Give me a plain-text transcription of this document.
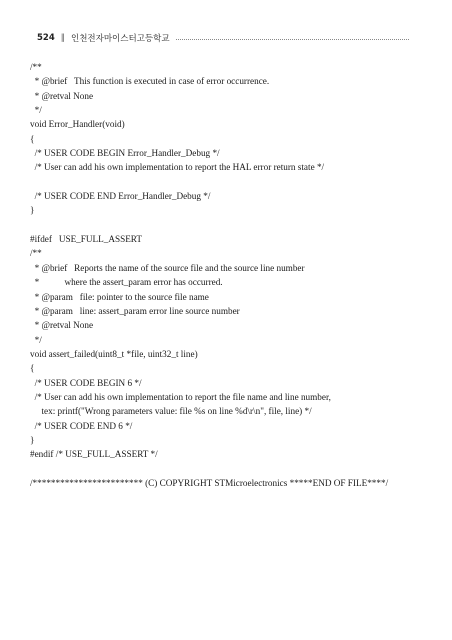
524 ∥ 인천전자마이스터고등학교
/**
* @brief   This function is executed in case of error occurrence.
* @retval None
*/
void Error_Handler(void)
{
/* USER CODE BEGIN Error_Handler_Debug */
/* User can add his own implementation to report the HAL error return state */
/* USER CODE END Error_Handler_Debug */
}
#ifdef   USE_FULL_ASSERT
/**
* @brief   Reports the name of the source file and the source line number
*           where the assert_param error has occurred.
* @param   file: pointer to the source file name
* @param   line: assert_param error line source number
* @retval None
*/
void assert_failed(uint8_t *file, uint32_t line)
{
/* USER CODE BEGIN 6 */
/* User can add his own implementation to report the file name and line number,
tex: printf("Wrong parameters value: file %s on line %d\r\n", file, line) */
/* USER CODE END 6 */
}
#endif /* USE_FULL_ASSERT */
/************************ (C) COPYRIGHT STMicroelectronics *****END OF FILE****/
